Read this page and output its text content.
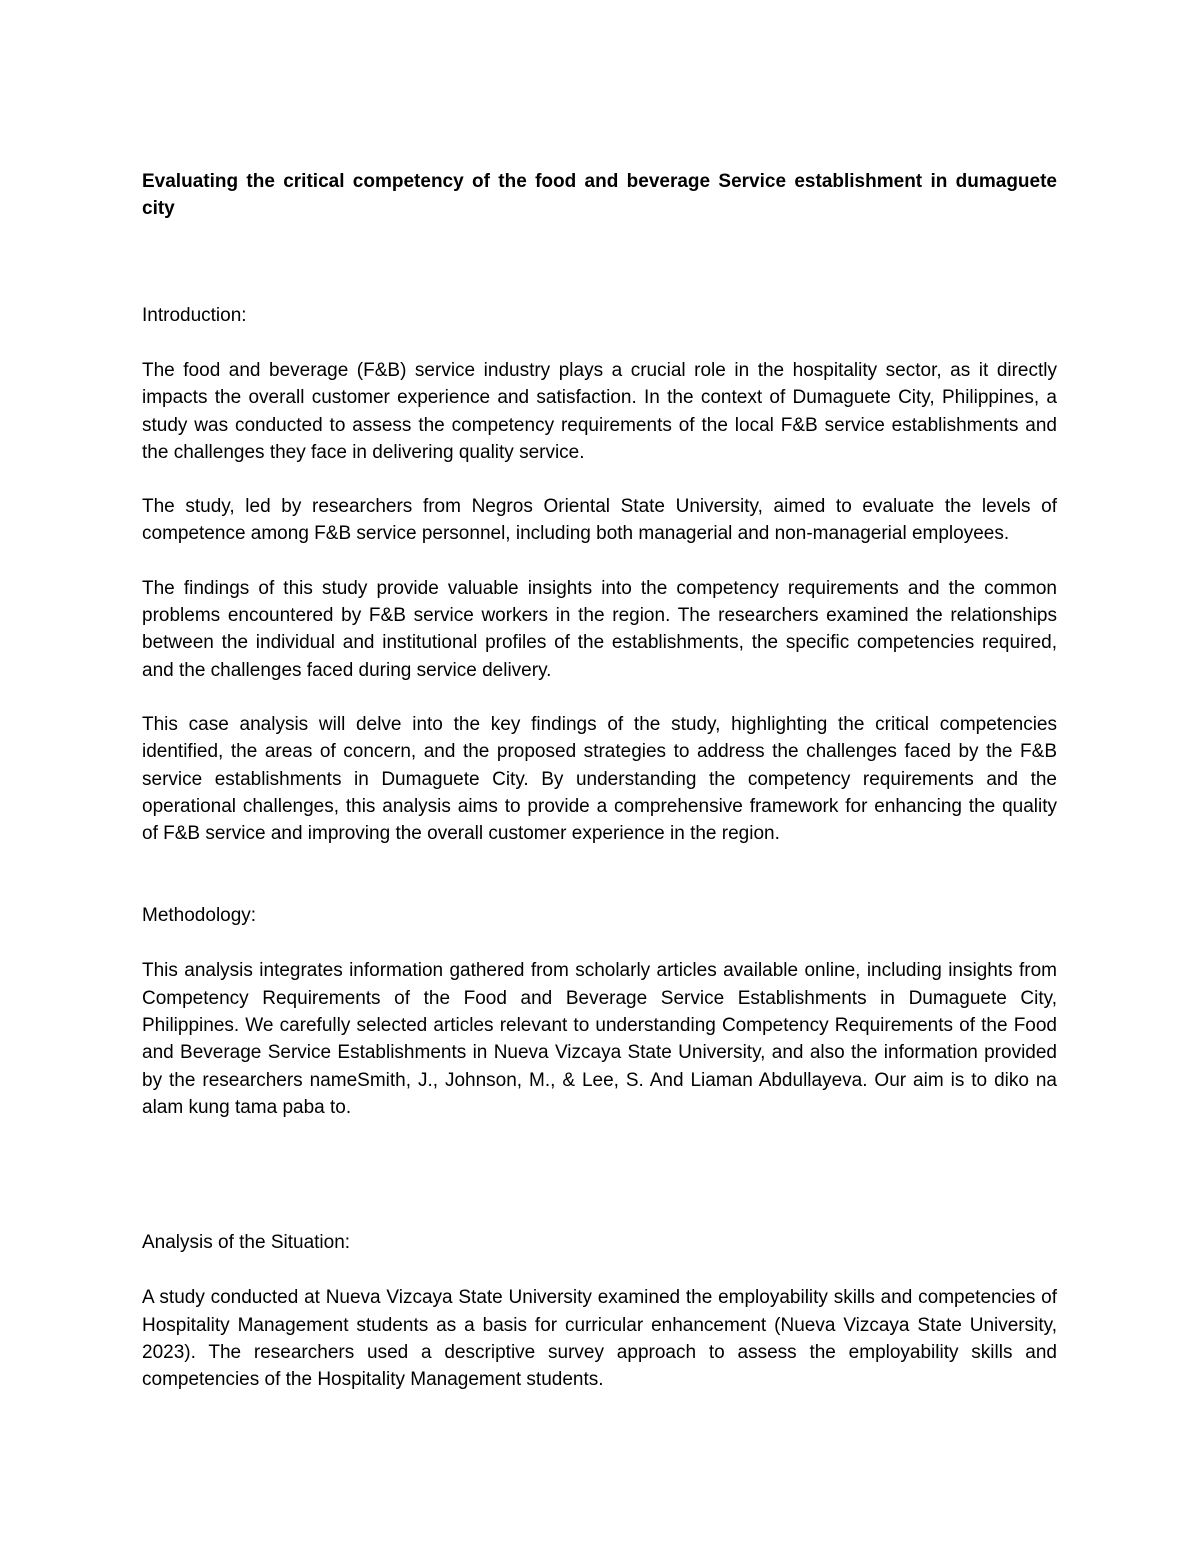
Evaluating the critical competency of the food and beverage Service establishment in dumaguete city

Introduction:

The food and beverage (F&B) service industry plays a crucial role in the hospitality sector, as it directly impacts the overall customer experience and satisfaction. In the context of Dumaguete City, Philippines, a study was conducted to assess the competency requirements of the local F&B service establishments and the challenges they face in delivering quality service.

The study, led by researchers from Negros Oriental State University, aimed to evaluate the levels of competence among F&B service personnel, including both managerial and non-managerial employees.

The findings of this study provide valuable insights into the competency requirements and the common problems encountered by F&B service workers in the region. The researchers examined the relationships between the individual and institutional profiles of the establishments, the specific competencies required, and the challenges faced during service delivery.

This case analysis will delve into the key findings of the study, highlighting the critical competencies identified, the areas of concern, and the proposed strategies to address the challenges faced by the F&B service establishments in Dumaguete City. By understanding the competency requirements and the operational challenges, this analysis aims to provide a comprehensive framework for enhancing the quality of F&B service and improving the overall customer experience in the region.

Methodology:

This analysis integrates information gathered from scholarly articles available online, including insights from Competency Requirements of the Food and Beverage Service Establishments in Dumaguete City, Philippines. We carefully selected articles relevant to understanding Competency Requirements of the Food and Beverage Service Establishments in Nueva Vizcaya State University, and also the information provided by the researchers nameSmith, J., Johnson, M., & Lee, S. And Liaman Abdullayeva. Our aim is to diko na alam kung tama paba to.

Analysis of the Situation:

A study conducted at Nueva Vizcaya State University examined the employability skills and competencies of Hospitality Management students as a basis for curricular enhancement (Nueva Vizcaya State University, 2023). The researchers used a descriptive survey approach to assess the employability skills and competencies of the Hospitality Management students.
